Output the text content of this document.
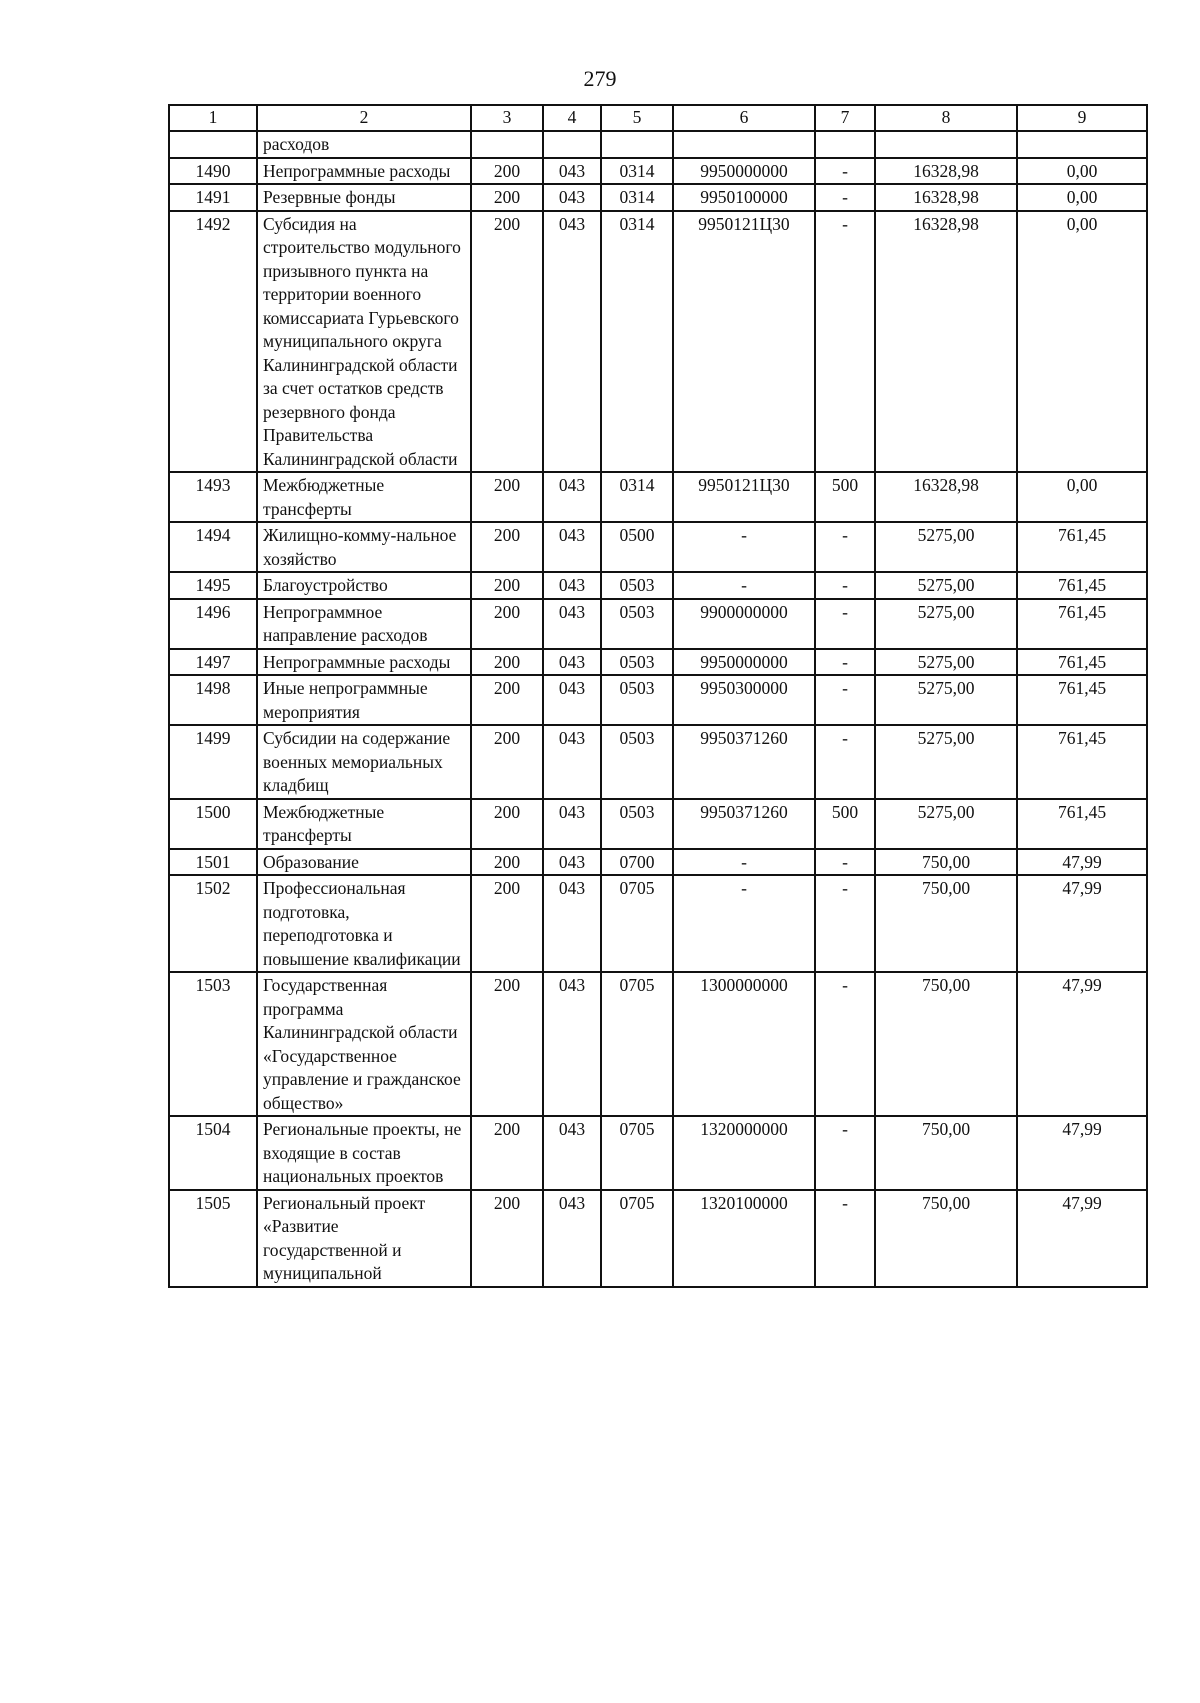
279
1	2	3	4	5	6	7	8	9
	расходов							
1490	Непрограммные расходы	200	043	0314	9950000000	-	16328,98	0,00
1491	Резервные фонды	200	043	0314	9950100000	-	16328,98	0,00
1492	Субсидия на строительство модульного призывного пункта на территории военного комиссариата Гурьевского муниципального округа Калининградской области за счет остатков средств резервного фонда Правительства Калининградской области	200	043	0314	9950121Ц30	-	16328,98	0,00
1493	Межбюджетные трансферты	200	043	0314	9950121Ц30	500	16328,98	0,00
1494	Жилищно-комму-нальное хозяйство	200	043	0500	-	-	5275,00	761,45
1495	Благоустройство	200	043	0503	-	-	5275,00	761,45
1496	Непрограммное направление расходов	200	043	0503	9900000000	-	5275,00	761,45
1497	Непрограммные расходы	200	043	0503	9950000000	-	5275,00	761,45
1498	Иные непрограммные мероприятия	200	043	0503	9950300000	-	5275,00	761,45
1499	Субсидии на содержание военных мемориальных кладбищ	200	043	0503	9950371260	-	5275,00	761,45
1500	Межбюджетные трансферты	200	043	0503	9950371260	500	5275,00	761,45
1501	Образование	200	043	0700	-	-	750,00	47,99
1502	Профессиональная подготовка, переподготовка и повышение квалификации	200	043	0705	-	-	750,00	47,99
1503	Государственная программа Калининградской области «Государственное управление и гражданское общество»	200	043	0705	1300000000	-	750,00	47,99
1504	Региональные проекты, не входящие в состав национальных проектов	200	043	0705	1320000000	-	750,00	47,99
1505	Региональный проект «Развитие государственной и муниципальной	200	043	0705	1320100000	-	750,00	47,99
